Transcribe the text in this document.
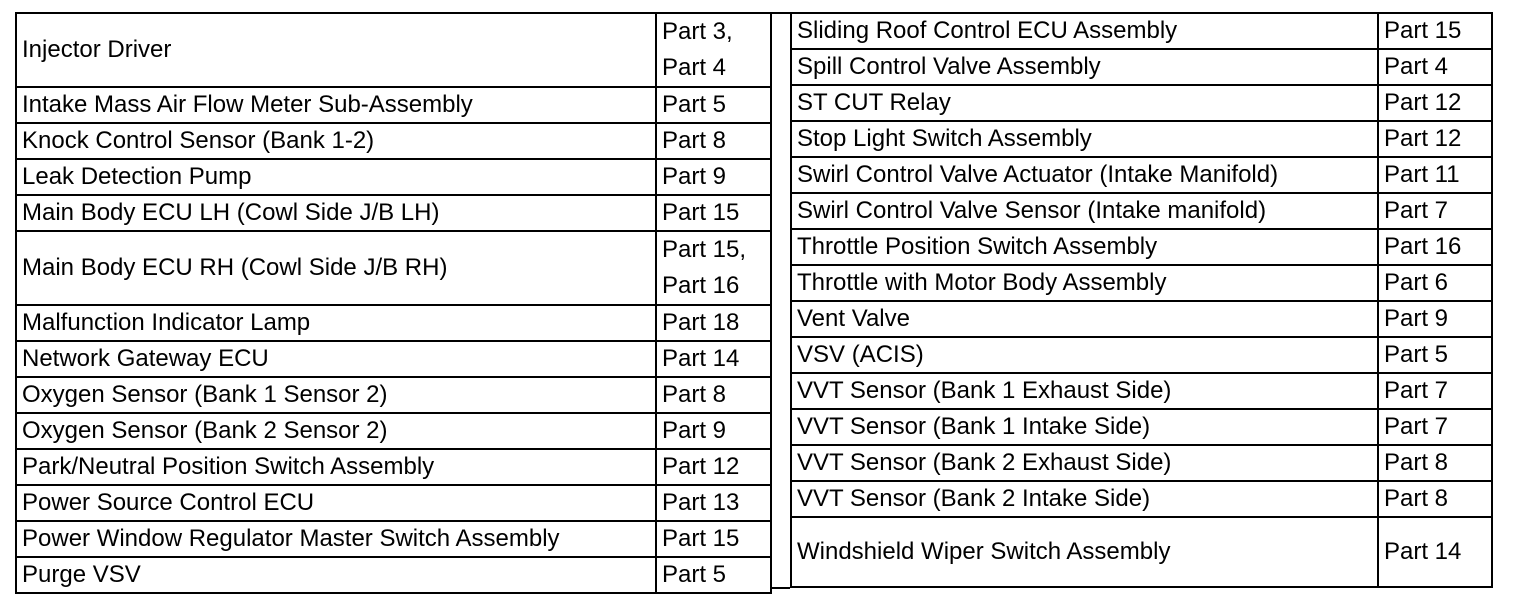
Injector Driver	Part 3,
Part 4
Intake Mass Air Flow Meter Sub-Assembly	Part 5
Knock Control Sensor (Bank 1-2)	Part 8
Leak Detection Pump	Part 9
Main Body ECU LH (Cowl Side J/B LH)	Part 15
Main Body ECU RH (Cowl Side J/B RH)	Part 15,
Part 16
Malfunction Indicator Lamp	Part 18
Network Gateway ECU	Part 14
Oxygen Sensor (Bank 1 Sensor 2)	Part 8
Oxygen Sensor (Bank 2 Sensor 2)	Part 9
Park/Neutral Position Switch Assembly	Part 12
Power Source Control ECU	Part 13
Power Window Regulator Master Switch Assembly	Part 15
Purge VSV	Part 5
Sliding Roof Control ECU Assembly	Part 15
Spill Control Valve Assembly	Part 4
ST CUT Relay	Part 12
Stop Light Switch Assembly	Part 12
Swirl Control Valve Actuator (Intake Manifold)	Part 11
Swirl Control Valve Sensor (Intake manifold)	Part 7
Throttle Position Switch Assembly	Part 16
Throttle with Motor Body Assembly	Part 6
Vent Valve	Part 9
VSV (ACIS)	Part 5
VVT Sensor (Bank 1 Exhaust Side)	Part 7
VVT Sensor (Bank 1 Intake Side)	Part 7
VVT Sensor (Bank 2 Exhaust Side)	Part 8
VVT Sensor (Bank 2 Intake Side)	Part 8
Windshield Wiper Switch Assembly	Part 14
